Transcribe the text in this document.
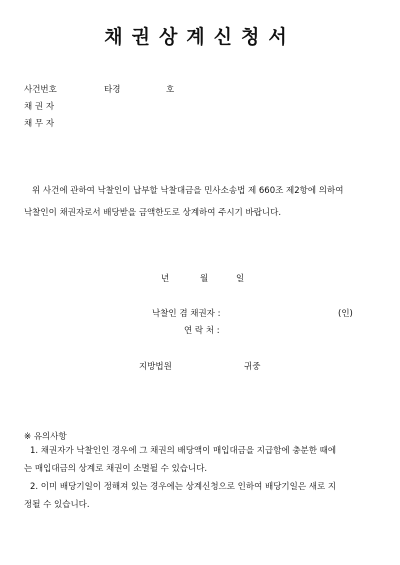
채권상계신청서
사건번호	타경	호
채 권 자
채 무 자
위 사건에 관하여 낙찰인이 납부할 낙찰대금을 민사소송법 제 660조 제2항에 의하여
낙찰인이 채권자로서 배당받을 금액한도로 상계하여 주시기 바랍니다.
년	월	일
낙찰인 겸 채권자 :	(인)
연 락 처 :
지방법원	귀중
※ 유의사항
1. 채권자가 낙찰인인 경우에 그 채권의 배당액이 매입대금을 지급함에 충분한 때에
는 매입대금의 상계로 채권이 소멸될 수 있습니다.
2. 이미 배당기일이 정해져 있는 경우에는 상계신청으로 인하여 배당기일은 새로 지
정될 수 있습니다.
